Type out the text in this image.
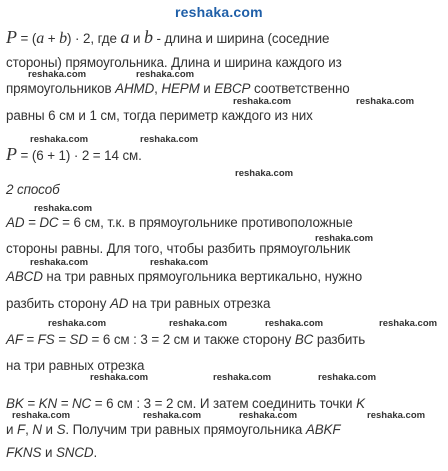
reshaka.com
P = (a + b) · 2, где a и b - длина и ширина (соседние
стороны) прямоугольника. Длина и ширина каждого из
прямоугольников AHMD, HEPM и EBCP соответственно
равны 6 см и 1 см, тогда периметр каждого из них
P = (6 + 1) · 2 = 14 см.
2 способ
AD = DC = 6 см, т.к. в прямоугольнике противоположные
стороны равны. Для того, чтобы разбить прямоугольник
ABCD на три равных прямоугольника вертикально, нужно
разбить сторону AD на три равных отрезка
AF = FS = SD = 6 см : 3 = 2 см и также сторону BC разбить
на три равных отрезка
BK = KN = NC = 6 см : 3 = 2 см. И затем соединить точки K
и F, N и S. Получим три равных прямоугольника ABKF
FKNS и SNCD.
reshaka.com	reshaka.com
reshaka.com	reshaka.com
reshaka.com	reshaka.com
reshaka.com
reshaka.com
reshaka.com
reshaka.com	reshaka.com
reshaka.com	reshaka.com	reshaka.com	reshaka.com
reshaka.com	reshaka.com	reshaka.com
reshaka.com	reshaka.com	reshaka.com	reshaka.com
